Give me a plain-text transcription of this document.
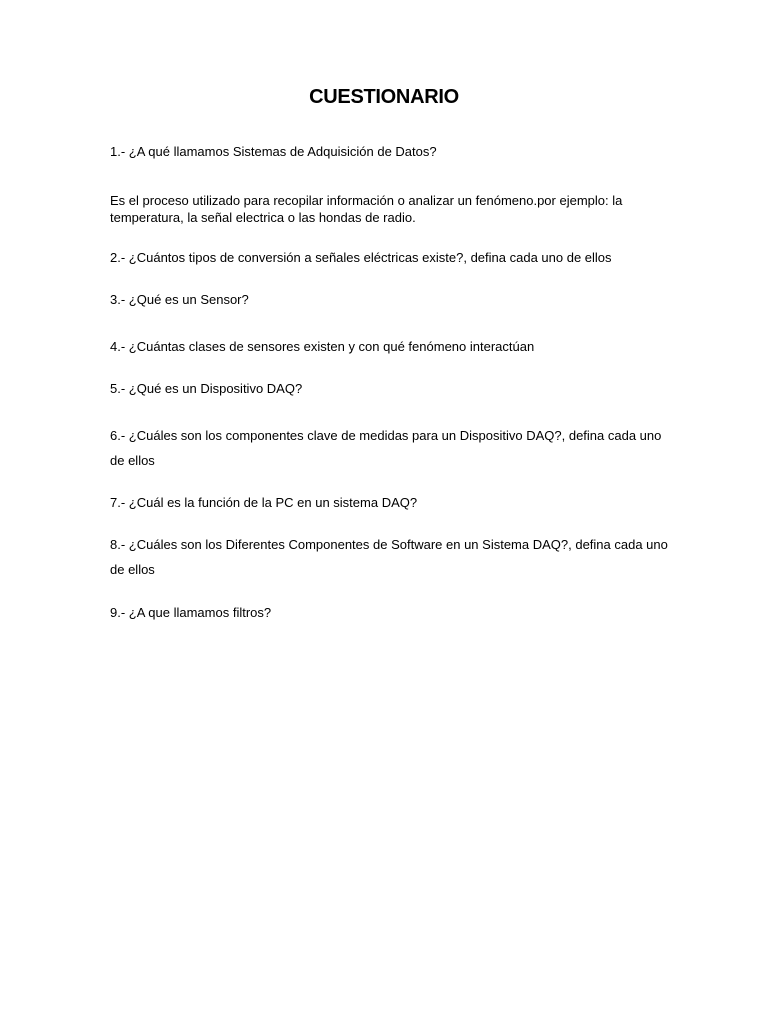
CUESTIONARIO
1.- ¿A qué llamamos Sistemas de Adquisición de Datos?
Es el proceso utilizado para recopilar información o analizar un fenómeno.por ejemplo: la
temperatura, la señal electrica o las hondas de radio.
2.- ¿Cuántos tipos de conversión a señales eléctricas existe?, defina cada uno de ellos
3.- ¿Qué es un Sensor?
4.- ¿Cuántas clases de sensores existen y con qué fenómeno interactúan
5.- ¿Qué es un Dispositivo DAQ?
6.- ¿Cuáles son los componentes clave de medidas para un Dispositivo DAQ?, defina cada uno
de ellos
7.- ¿Cuál es la función de la PC en un sistema DAQ?
8.- ¿Cuáles son los Diferentes Componentes de Software en un Sistema DAQ?, defina cada uno
de ellos
9.- ¿A que llamamos filtros?
